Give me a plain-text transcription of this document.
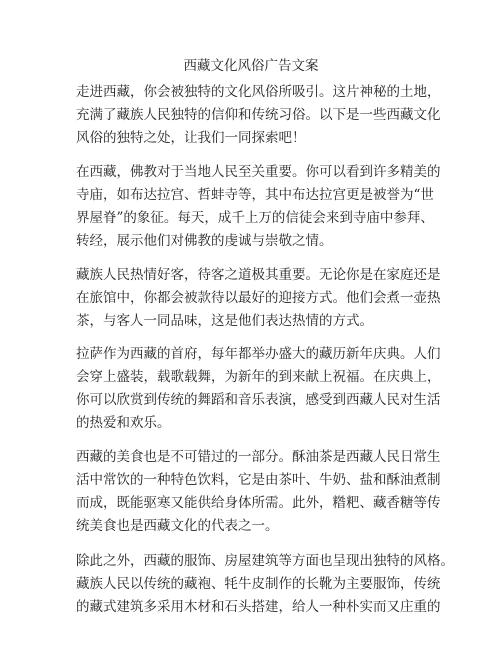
西藏文化风俗广告文案

走进西藏，你会被独特的文化风俗所吸引。这片神秘的土地，
充满了藏族人民独特的信仰和传统习俗。以下是一些西藏文化
风俗的独特之处，让我们一同探索吧！

在西藏，佛教对于当地人民至关重要。你可以看到许多精美的
寺庙，如布达拉宫、哲蚌寺等，其中布达拉宫更是被誉为“世
界屋脊”的象征。每天，成千上万的信徒会来到寺庙中参拜、
转经，展示他们对佛教的虔诚与崇敬之情。

藏族人民热情好客，待客之道极其重要。无论你是在家庭还是
在旅馆中，你都会被款待以最好的迎接方式。他们会煮一壶热
茶，与客人一同品味，这是他们表达热情的方式。

拉萨作为西藏的首府，每年都举办盛大的藏历新年庆典。人们
会穿上盛装，载歌载舞，为新年的到来献上祝福。在庆典上，
你可以欣赏到传统的舞蹈和音乐表演，感受到西藏人民对生活
的热爱和欢乐。

西藏的美食也是不可错过的一部分。酥油茶是西藏人民日常生
活中常饮的一种特色饮料，它是由茶叶、牛奶、盐和酥油煮制
而成，既能驱寒又能供给身体所需。此外，糌粑、藏香糖等传
统美食也是西藏文化的代表之一。

除此之外，西藏的服饰、房屋建筑等方面也呈现出独特的风格。
藏族人民以传统的藏袍、牦牛皮制作的长靴为主要服饰，传统
的藏式建筑多采用木材和石头搭建，给人一种朴实而又庄重的
